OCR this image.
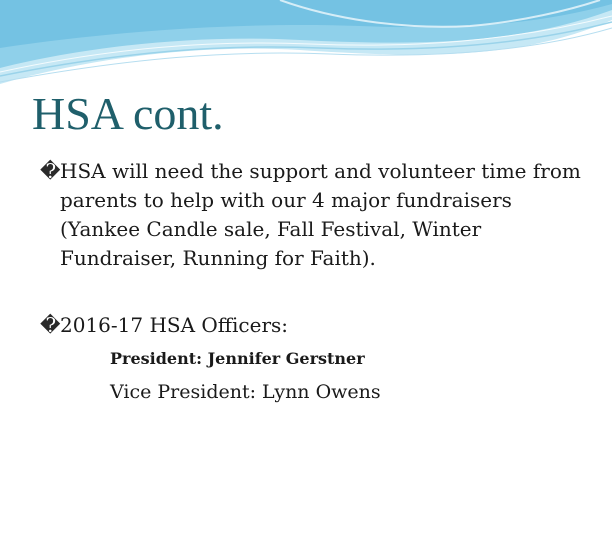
HSA cont.
� HSA will need the support and volunteer time from parents to help with our 4 major fundraisers (Yankee Candle sale, Fall Festival, Winter Fundraiser, Running for Faith).
� 2016-17 HSA Officers:
President: Jennifer Gerstner
Vice President: Lynn Owens
